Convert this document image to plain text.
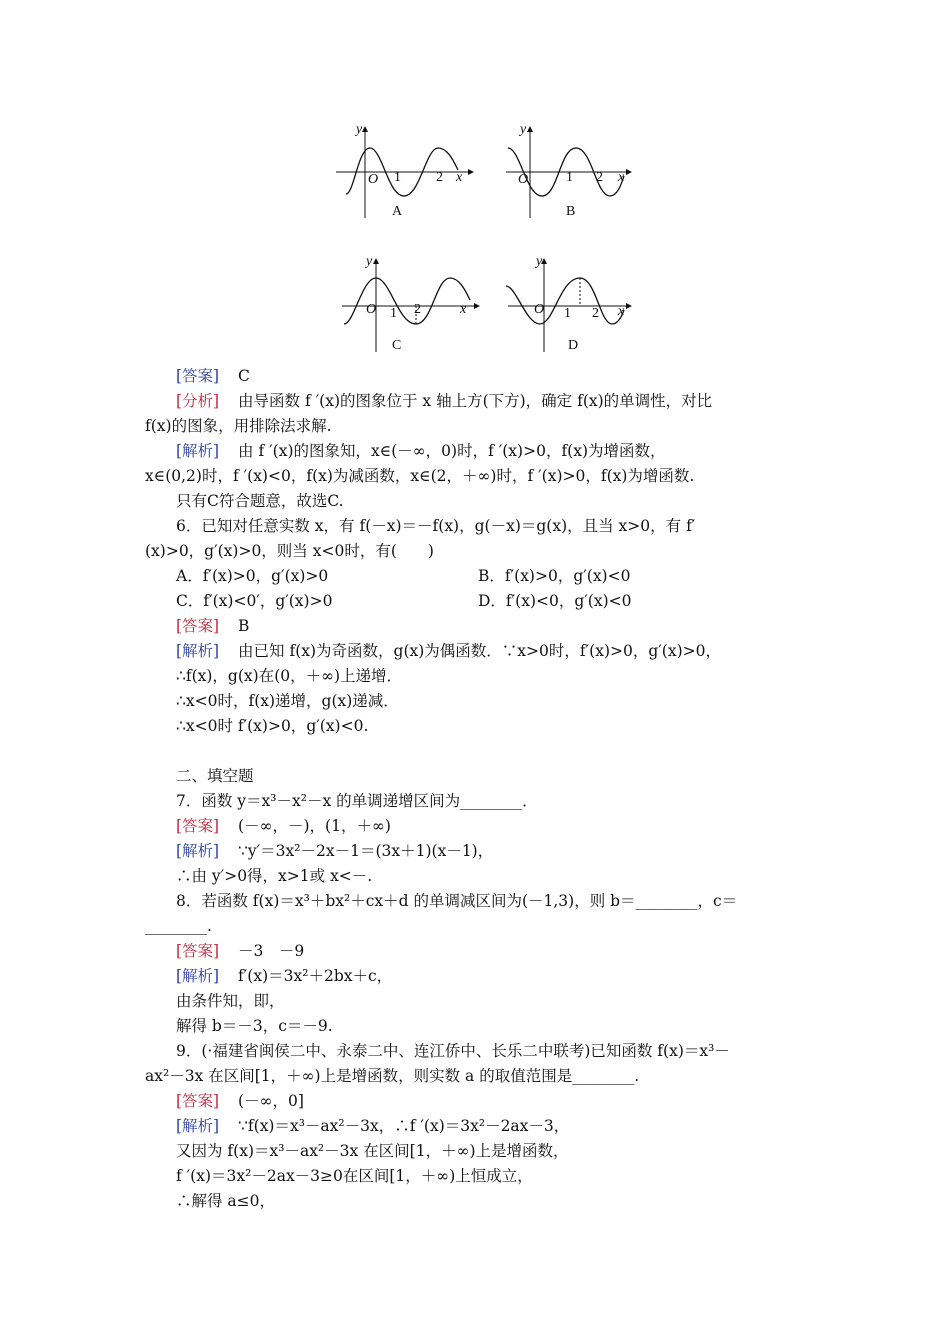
y
O 1	2 x
A
y
O	1 2 x
B
y
O 1 2	x
C
y
O 1 2 x
D
[答案] C
[分析] 由导函数 f ′(x)的图象位于 x 轴上方(下方)，确定 f(x)的单调性，对比
f(x)的图象，用排除法求解.
[解析] 由 f ′(x)的图象知，x∈(－∞，0)时，f ′(x)>0，f(x)为增函数，
x∈(0,2)时，f ′(x)<0，f(x)为减函数，x∈(2，＋∞)时，f ′(x)>0，f(x)为增函数.
只有C符合题意，故选C.
6．已知对任意实数 x，有 f(－x)＝－f(x)，g(－x)＝g(x)，且当 x>0，有 f′
(x)>0，g′(x)>0，则当 x<0时，有(　　)
A．f′(x)>0，g′(x)>0	B．f′(x)>0，g′(x)<0
C．f′(x)<0′，g′(x)>0	D．f′(x)<0，g′(x)<0
[答案] B
[解析] 由已知 f(x)为奇函数，g(x)为偶函数．∵x>0时，f′(x)>0，g′(x)>0，
∴f(x)，g(x)在(0，＋∞)上递增．
∴x<0时，f(x)递增，g(x)递减．
∴x<0时 f′(x)>0，g′(x)<0.
二、填空题
7．函数 y＝x³－x²－x 的单调递增区间为________．
[答案] (－∞，－)，(1，＋∞)
[解析] ∵y′＝3x²－2x－1＝(3x＋1)(x－1)，
∴由 y′>0得，x>1或 x<－.
8．若函数 f(x)＝x³＋bx²＋cx＋d 的单调减区间为(－1,3)，则 b＝________，c＝
________.
[答案] －3　－9
[解析] f′(x)＝3x²＋2bx＋c，
由条件知，即，
解得 b＝－3，c＝－9.
9．(·福建省闽侯二中、永泰二中、连江侨中、长乐二中联考)已知函数 f(x)＝x³－
ax²－3x 在区间[1，＋∞)上是增函数，则实数 a 的取值范围是________.
[答案] (－∞，0]
[解析] ∵f(x)＝x³－ax²－3x，∴f ′(x)＝3x²－2ax－3，
又因为 f(x)＝x³－ax²－3x 在区间[1，＋∞)上是增函数，
f ′(x)＝3x²－2ax－3≥0在区间[1，＋∞)上恒成立，
∴解得 a≤0，
